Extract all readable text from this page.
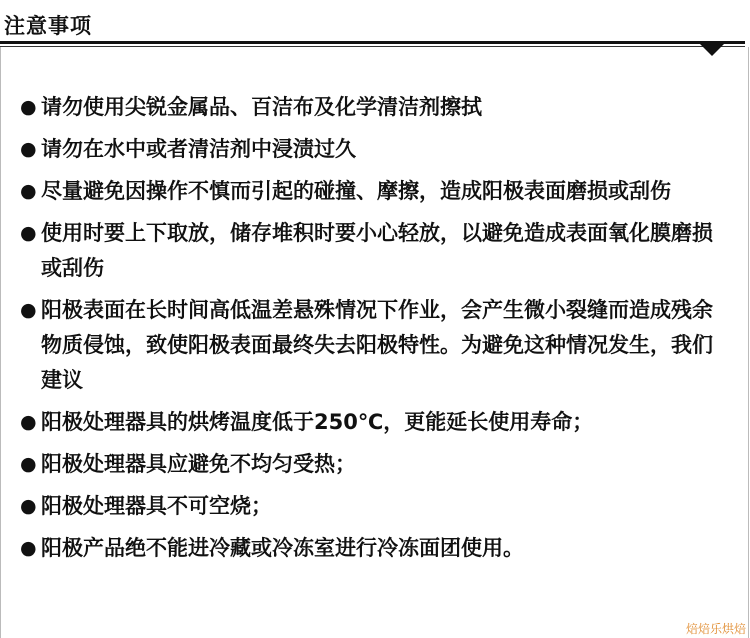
注意事项
● 请勿使用尖锐金属品、百洁布及化学清洁剂擦拭
● 请勿在水中或者清洁剂中浸渍过久
● 尽量避免因操作不慎而引起的碰撞、摩擦，造成阳极表面磨损或刮伤
● 使用时要上下取放，储存堆积时要小心轻放，以避免造成表面氧化膜磨损或刮伤
● 阳极表面在长时间高低温差悬殊情况下作业，会产生微小裂缝而造成残余物质侵蚀，致使阳极表面最终失去阳极特性。为避免这种情况发生，我们建议
● 阳极处理器具的烘烤温度低于250℃，更能延长使用寿命；
● 阳极处理器具应避免不均匀受热；
● 阳极处理器具不可空烧；
● 阳极产品绝不能进冷藏或冷冻室进行冷冻面团使用。
焙焙乐烘焙
